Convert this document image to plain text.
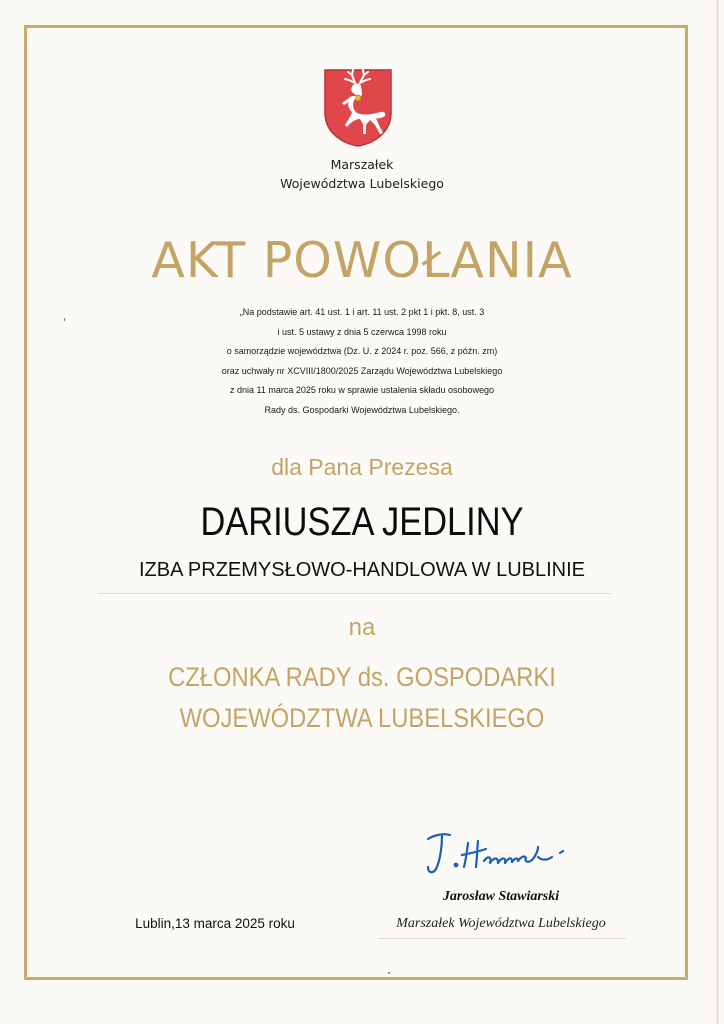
Marszałek
Województwa Lubelskiego
AKT POWOŁANIA
„Na podstawie art. 41 ust. 1 i art. 11 ust. 2 pkt 1 i pkt. 8, ust. 3
i ust. 5 ustawy z dnia 5 czerwca 1998 roku
o samorządzie województwa (Dz. U. z 2024 r. poz. 566, z późn. zm)
oraz uchwały nr XCVIII/1800/2025 Zarządu Województwa Lubelskiego
z dnia 11 marca 2025 roku w sprawie ustalenia składu osobowego
Rady ds. Gospodarki Województwa Lubelskiego.
dla Pana Prezesa
DARIUSZA JEDLINY
IZBA PRZEMYSŁOWO-HANDLOWA W LUBLINIE
na
CZŁONKA RADY ds. GOSPODARKI
WOJEWÓDZTWA LUBELSKIEGO
Jarosław Stawiarski
Marszałek Województwa Lubelskiego
Lublin,13 marca 2025 roku
